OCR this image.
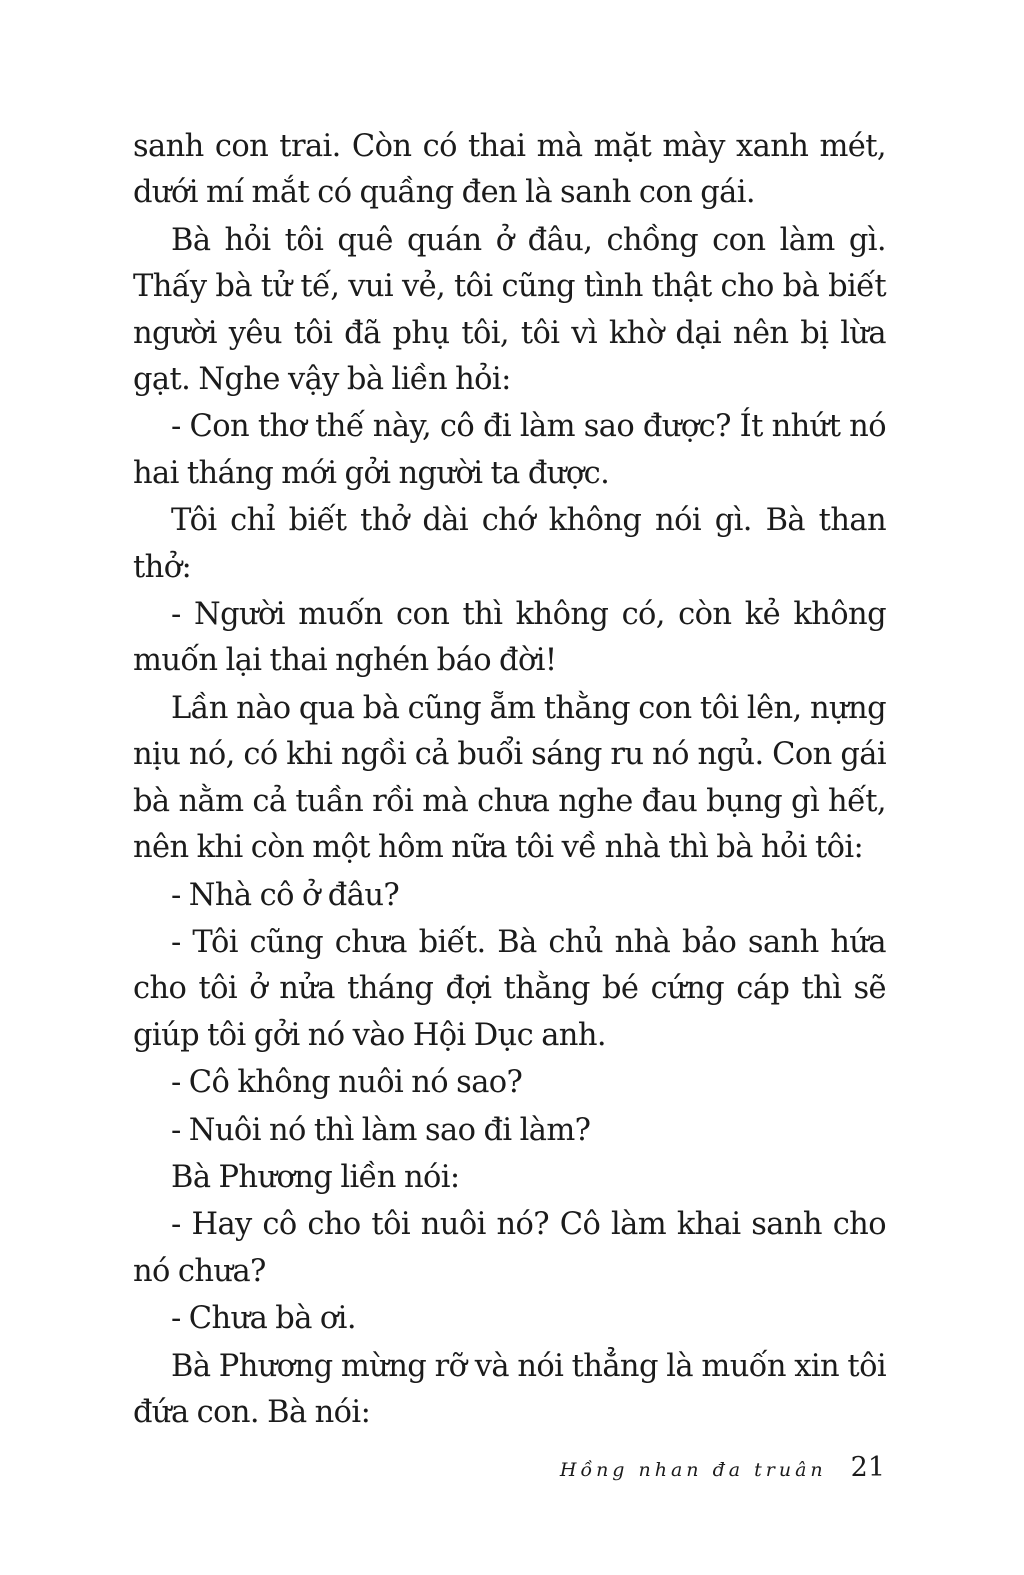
sanh con trai. Còn có thai mà mặt mày xanh mét, dưới mí mắt có quầng đen là sanh con gái.

Bà hỏi tôi quê quán ở đâu, chồng con làm gì. Thấy bà tử tế, vui vẻ, tôi cũng tình thật cho bà biết người yêu tôi đã phụ tôi, tôi vì khờ dại nên bị lừa gạt. Nghe vậy bà liền hỏi:

- Con thơ thế này, cô đi làm sao được? Ít nhứt nó hai tháng mới gởi người ta được.

Tôi chỉ biết thở dài chớ không nói gì. Bà than thở:

- Người muốn con thì không có, còn kẻ không muốn lại thai nghén báo đời!

Lần nào qua bà cũng ẵm thằng con tôi lên, nựng nịu nó, có khi ngồi cả buổi sáng ru nó ngủ. Con gái bà nằm cả tuần rồi mà chưa nghe đau bụng gì hết, nên khi còn một hôm nữa tôi về nhà thì bà hỏi tôi:

- Nhà cô ở đâu?

- Tôi cũng chưa biết. Bà chủ nhà bảo sanh hứa cho tôi ở nửa tháng đợi thằng bé cứng cáp thì sẽ giúp tôi gởi nó vào Hội Dục anh.

- Cô không nuôi nó sao?

- Nuôi nó thì làm sao đi làm?

Bà Phương liền nói:

- Hay cô cho tôi nuôi nó? Cô làm khai sanh cho nó chưa?

- Chưa bà ơi.

Bà Phương mừng rỡ và nói thẳng là muốn xin tôi đứa con. Bà nói:

Hồng nhan đa truân 21
